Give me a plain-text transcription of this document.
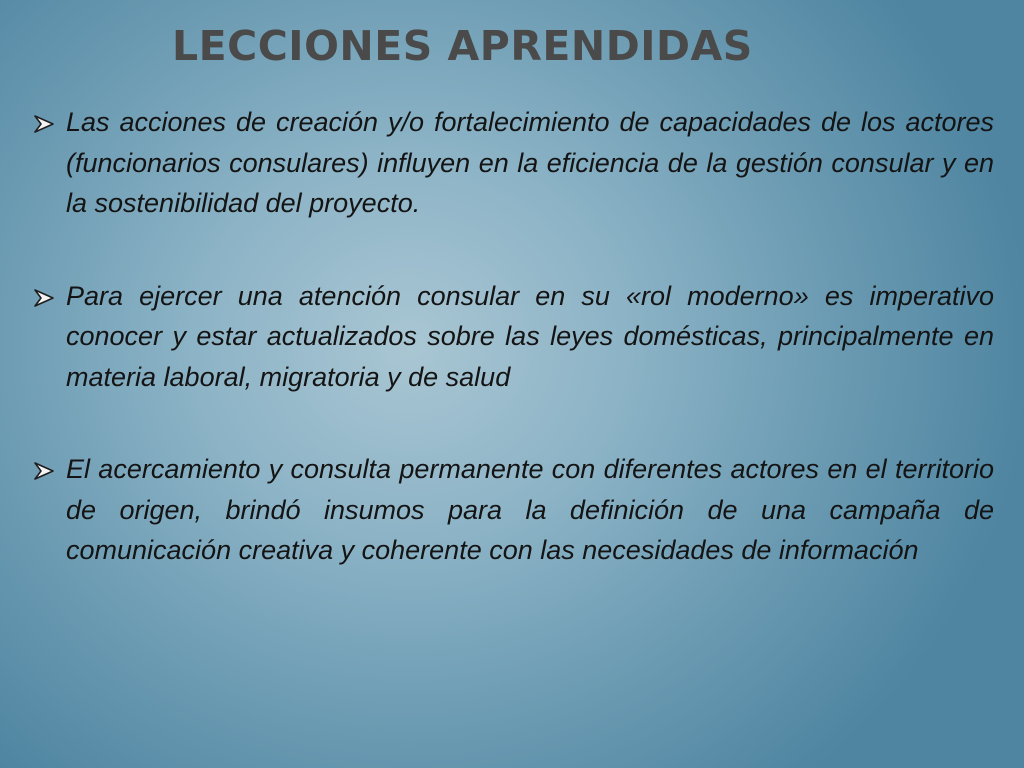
LECCIONES APRENDIDAS

Las acciones de creación y/o fortalecimiento de capacidades de los actores (funcionarios consulares) influyen en la eficiencia de la gestión consular y en la sostenibilidad del proyecto.

Para ejercer una atención consular en su «rol moderno» es imperativo conocer y estar actualizados sobre las leyes domésticas, principalmente en materia laboral, migratoria y de salud

El acercamiento y consulta permanente con diferentes actores en el territorio de origen, brindó insumos para la definición de una campaña de comunicación creativa y coherente con las necesidades de información
